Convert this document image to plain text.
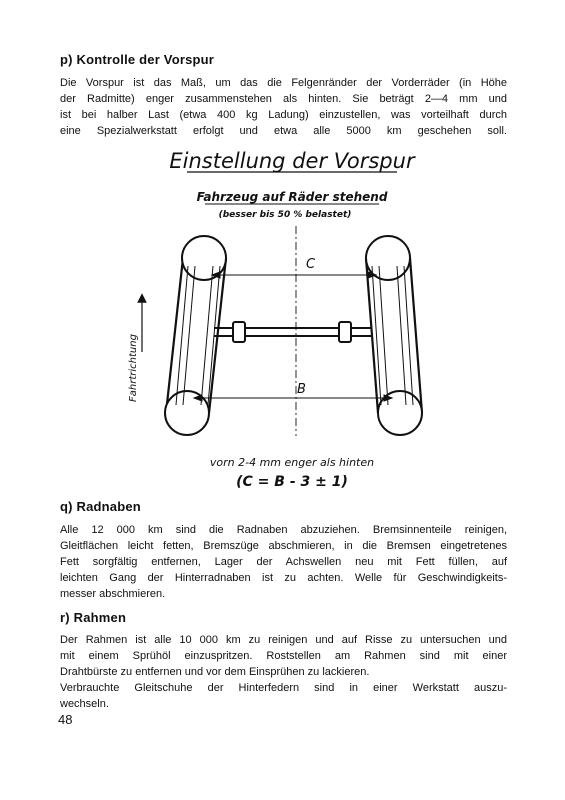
p) Kontrolle der Vorspur

Die Vorspur ist das Maß, um das die Felgenränder der Vorderräder (in Höhe
der Radmitte) enger zusammenstehen als hinten. Sie beträgt 2—4 mm und
ist bei halber Last (etwa 400 kg Ladung) einzustellen, was vorteilhaft durch
eine Spezialwerkstatt erfolgt und etwa alle 5000 km geschehen soll.

Einstellung der Vorspur
Fahrzeug auf Räder stehend
(besser bis 50 % belastet)
C
B
Fahrtrichtung
vorn 2-4 mm enger als hinten
(C = B - 3 ± 1)
q) Radnaben

Alle 12 000 km sind die Radnaben abzuziehen. Bremsinnenteile reinigen,
Gleitflächen leicht fetten, Bremszüge abschmieren, in die Bremsen eingetretenes
Fett sorgfältig entfernen, Lager der Achswellen neu mit Fett füllen, auf
leichten Gang der Hinterradnaben ist zu achten. Welle für Geschwindigkeits-
messer abschmieren.

r) Rahmen

Der Rahmen ist alle 10 000 km zu reinigen und auf Risse zu untersuchen und
mit einem Sprühöl einzuspritzen. Roststellen am Rahmen sind mit einer
Drahtbürste zu entfernen und vor dem Einsprühen zu lackieren.
Verbrauchte Gleitschuhe der Hinterfedern sind in einer Werkstatt auszu-
wechseln.

48
